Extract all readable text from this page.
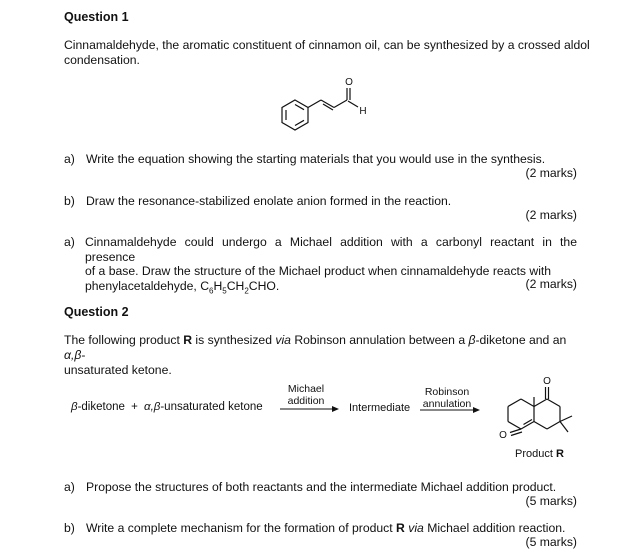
Question 1
Cinnamaldehyde, the aromatic constituent of cinnamon oil, can be synthesized by a crossed aldol
condensation.
O
H
a) Write the equation showing the starting materials that you would use in the synthesis.
(2 marks)
b) Draw the resonance-stabilized enolate anion formed in the reaction.
(2 marks)
a) Cinnamaldehyde could undergo a Michael addition with a carbonyl reactant in the presence
of a base. Draw the structure of the Michael product when cinnamaldehyde reacts with
phenylacetaldehyde, $C_6H_5CH_2CHO$.	(2 marks)
Question 2
The following product R is synthesized via Robinson annulation between a β-diketone and an α,β-
unsaturated ketone.
β-diketone + α,β-unsaturated ketone
Michael
addition
Intermediate
Robinson
annulation
O
O
Product R
a) Propose the structures of both reactants and the intermediate Michael addition product.
(5 marks)
b) Write a complete mechanism for the formation of product R via Michael addition reaction.
(5 marks)
